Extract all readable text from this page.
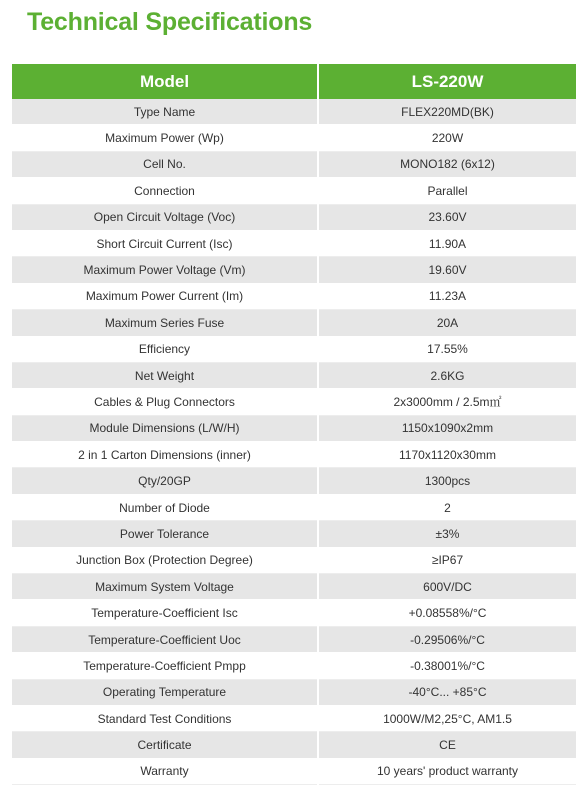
Technical Specifications
Model	LS-220W
Type Name	FLEX220MD(BK)
Maximum Power (Wp)	220W
Cell No.	MONO182 (6x12)
Connection	Parallel
Open Circuit Voltage (Voc)	23.60V
Short Circuit Current (Isc)	11.90A
Maximum Power Voltage (Vm)	19.60V
Maximum Power Current (Im)	11.23A
Maximum Series Fuse	20A
Efficiency	17.55%
Net Weight	2.6KG
Cables & Plug Connectors	2x3000mm / 2.5m㎡
Module Dimensions (L/W/H)	1150x1090x2mm
2 in 1 Carton Dimensions (inner)	1170x1120x30mm
Qty/20GP	1300pcs
Number of Diode	2
Power Tolerance	±3%
Junction Box (Protection Degree)	≥IP67
Maximum System Voltage	600V/DC
Temperature-Coefficient Isc	+0.08558%/°C
Temperature-Coefficient Uoc	-0.29506%/°C
Temperature-Coefficient Pmpp	-0.38001%/°C
Operating Temperature	-40°C... +85°C
Standard Test Conditions	1000W/M2,25°C, AM1.5
Certificate	CE
Warranty	10 years' product warranty
